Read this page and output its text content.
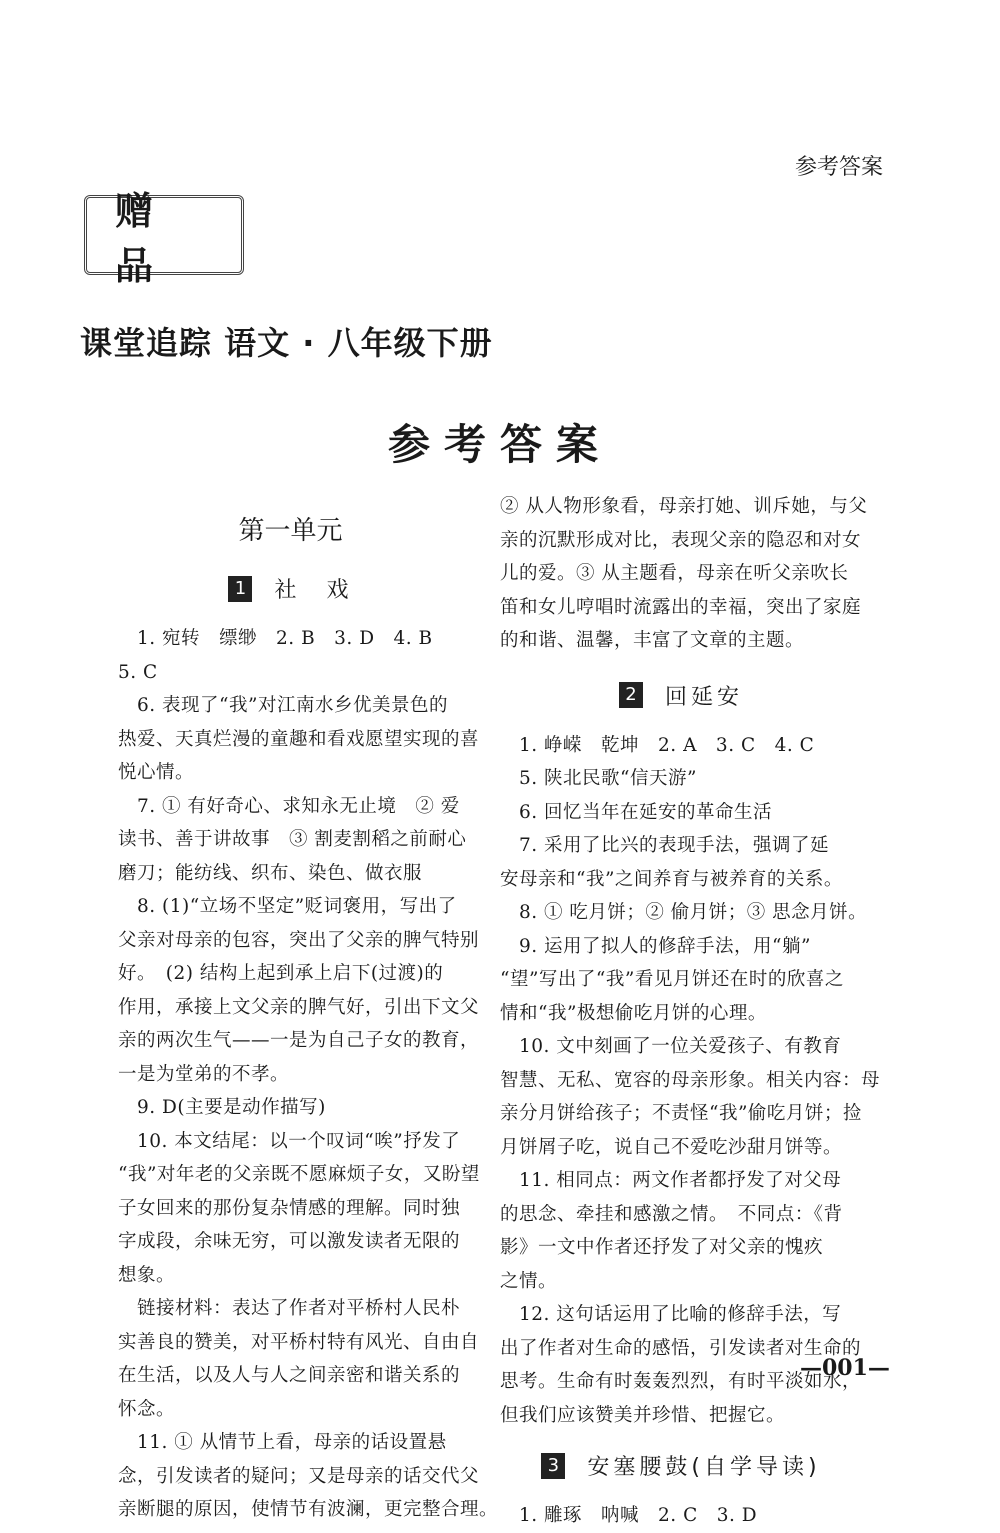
参考答案
赠品
课堂追踪 语文 · 八年级下册
参考答案
第一单元
1 社　戏
　1. 宛转　缥缈　2. B　3. D　4. B
5. C
　6. 表现了“我”对江南水乡优美景色的
热爱、天真烂漫的童趣和看戏愿望实现的喜
悦心情。
　7. ① 有好奇心、求知永无止境　② 爱
读书、善于讲故事　③ 割麦割稻之前耐心
磨刀；能纺线、织布、染色、做衣服
　8. (1)“立场不坚定”贬词褒用，写出了
父亲对母亲的包容，突出了父亲的脾气特别
好。　(2) 结构上起到承上启下(过渡)的
作用，承接上文父亲的脾气好，引出下文父
亲的两次生气——一是为自己子女的教育，
一是为堂弟的不孝。
　9. D(主要是动作描写)
　10. 本文结尾：以一个叹词“唉”抒发了
“我”对年老的父亲既不愿麻烦子女，又盼望
子女回来的那份复杂情感的理解。同时独
字成段，余味无穷，可以激发读者无限的
想象。
　链接材料：表达了作者对平桥村人民朴
实善良的赞美，对平桥村特有风光、自由自
在生活，以及人与人之间亲密和谐关系的
怀念。
　11. ① 从情节上看，母亲的话设置悬
念，引发读者的疑问；又是母亲的话交代父
亲断腿的原因，使情节有波澜，更完整合理。
② 从人物形象看，母亲打她、训斥她，与父
亲的沉默形成对比，表现父亲的隐忍和对女
儿的爱。③ 从主题看，母亲在听父亲吹长
笛和女儿哼唱时流露出的幸福，突出了家庭
的和谐、温馨，丰富了文章的主题。
2 回延安
　1. 峥嵘　乾坤　2. A　3. C　4. C
　5. 陕北民歌“信天游”
　6. 回忆当年在延安的革命生活
　7. 采用了比兴的表现手法，强调了延
安母亲和“我”之间养育与被养育的关系。
　8. ① 吃月饼；② 偷月饼；③ 思念月饼。
　9. 运用了拟人的修辞手法，用“躺”
“望”写出了“我”看见月饼还在时的欣喜之
情和“我”极想偷吃月饼的心理。
　10. 文中刻画了一位关爱孩子、有教育
智慧、无私、宽容的母亲形象。相关内容：母
亲分月饼给孩子；不责怪“我”偷吃月饼；捡
月饼屑子吃，说自己不爱吃沙甜月饼等。
　11. 相同点：两文作者都抒发了对父母
的思念、牵挂和感激之情。　不同点：《背
影》一文中作者还抒发了对父亲的愧疚
之情。
　12. 这句话运用了比喻的修辞手法，写
出了作者对生命的感悟，引发读者对生命的
思考。生命有时轰轰烈烈，有时平淡如水，
但我们应该赞美并珍惜、把握它。
3 安塞腰鼓(自学导读)
　1. 雕琢　呐喊　2. C　3. D
—001—
